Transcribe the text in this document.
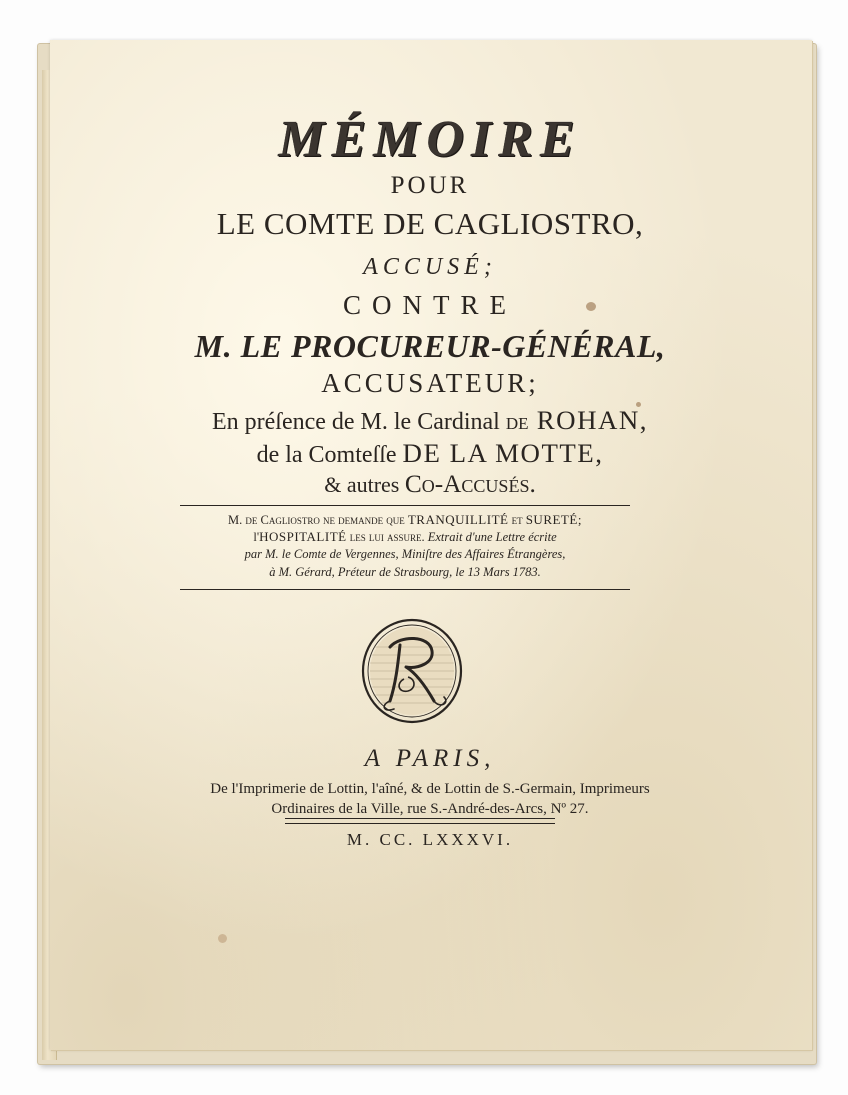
MÉMOIRE
POUR
LE COMTE DE CAGLIOSTRO,
ACCUSÉ;
CONTRE
M. LE PROCUREUR-GÉNÉRAL,
ACCUSATEUR;
En préſence de M. le Cardinal de ROHAN,
de la Comteſſe DE LA MOTTE,
& autres Co-Accusés.
M. de Cagliostro ne demande que TRANQUILLITÉ et SURETÉ;
l'HOSPITALITÉ les lui assure. Extrait d'une Lettre écrite
par M. le Comte de Vergennes, Miniſtre des Affaires Étrangères,
à M. Gérard, Préteur de Strasbourg, le 13 Mars 1783.
A PARIS,
De l'Imprimerie de Lottin, l'aîné, & de Lottin de S.-Germain, Imprimeurs
Ordinaires de la Ville, rue S.-André-des-Arcs, Nº 27.
M. CC. LXXXVI.
